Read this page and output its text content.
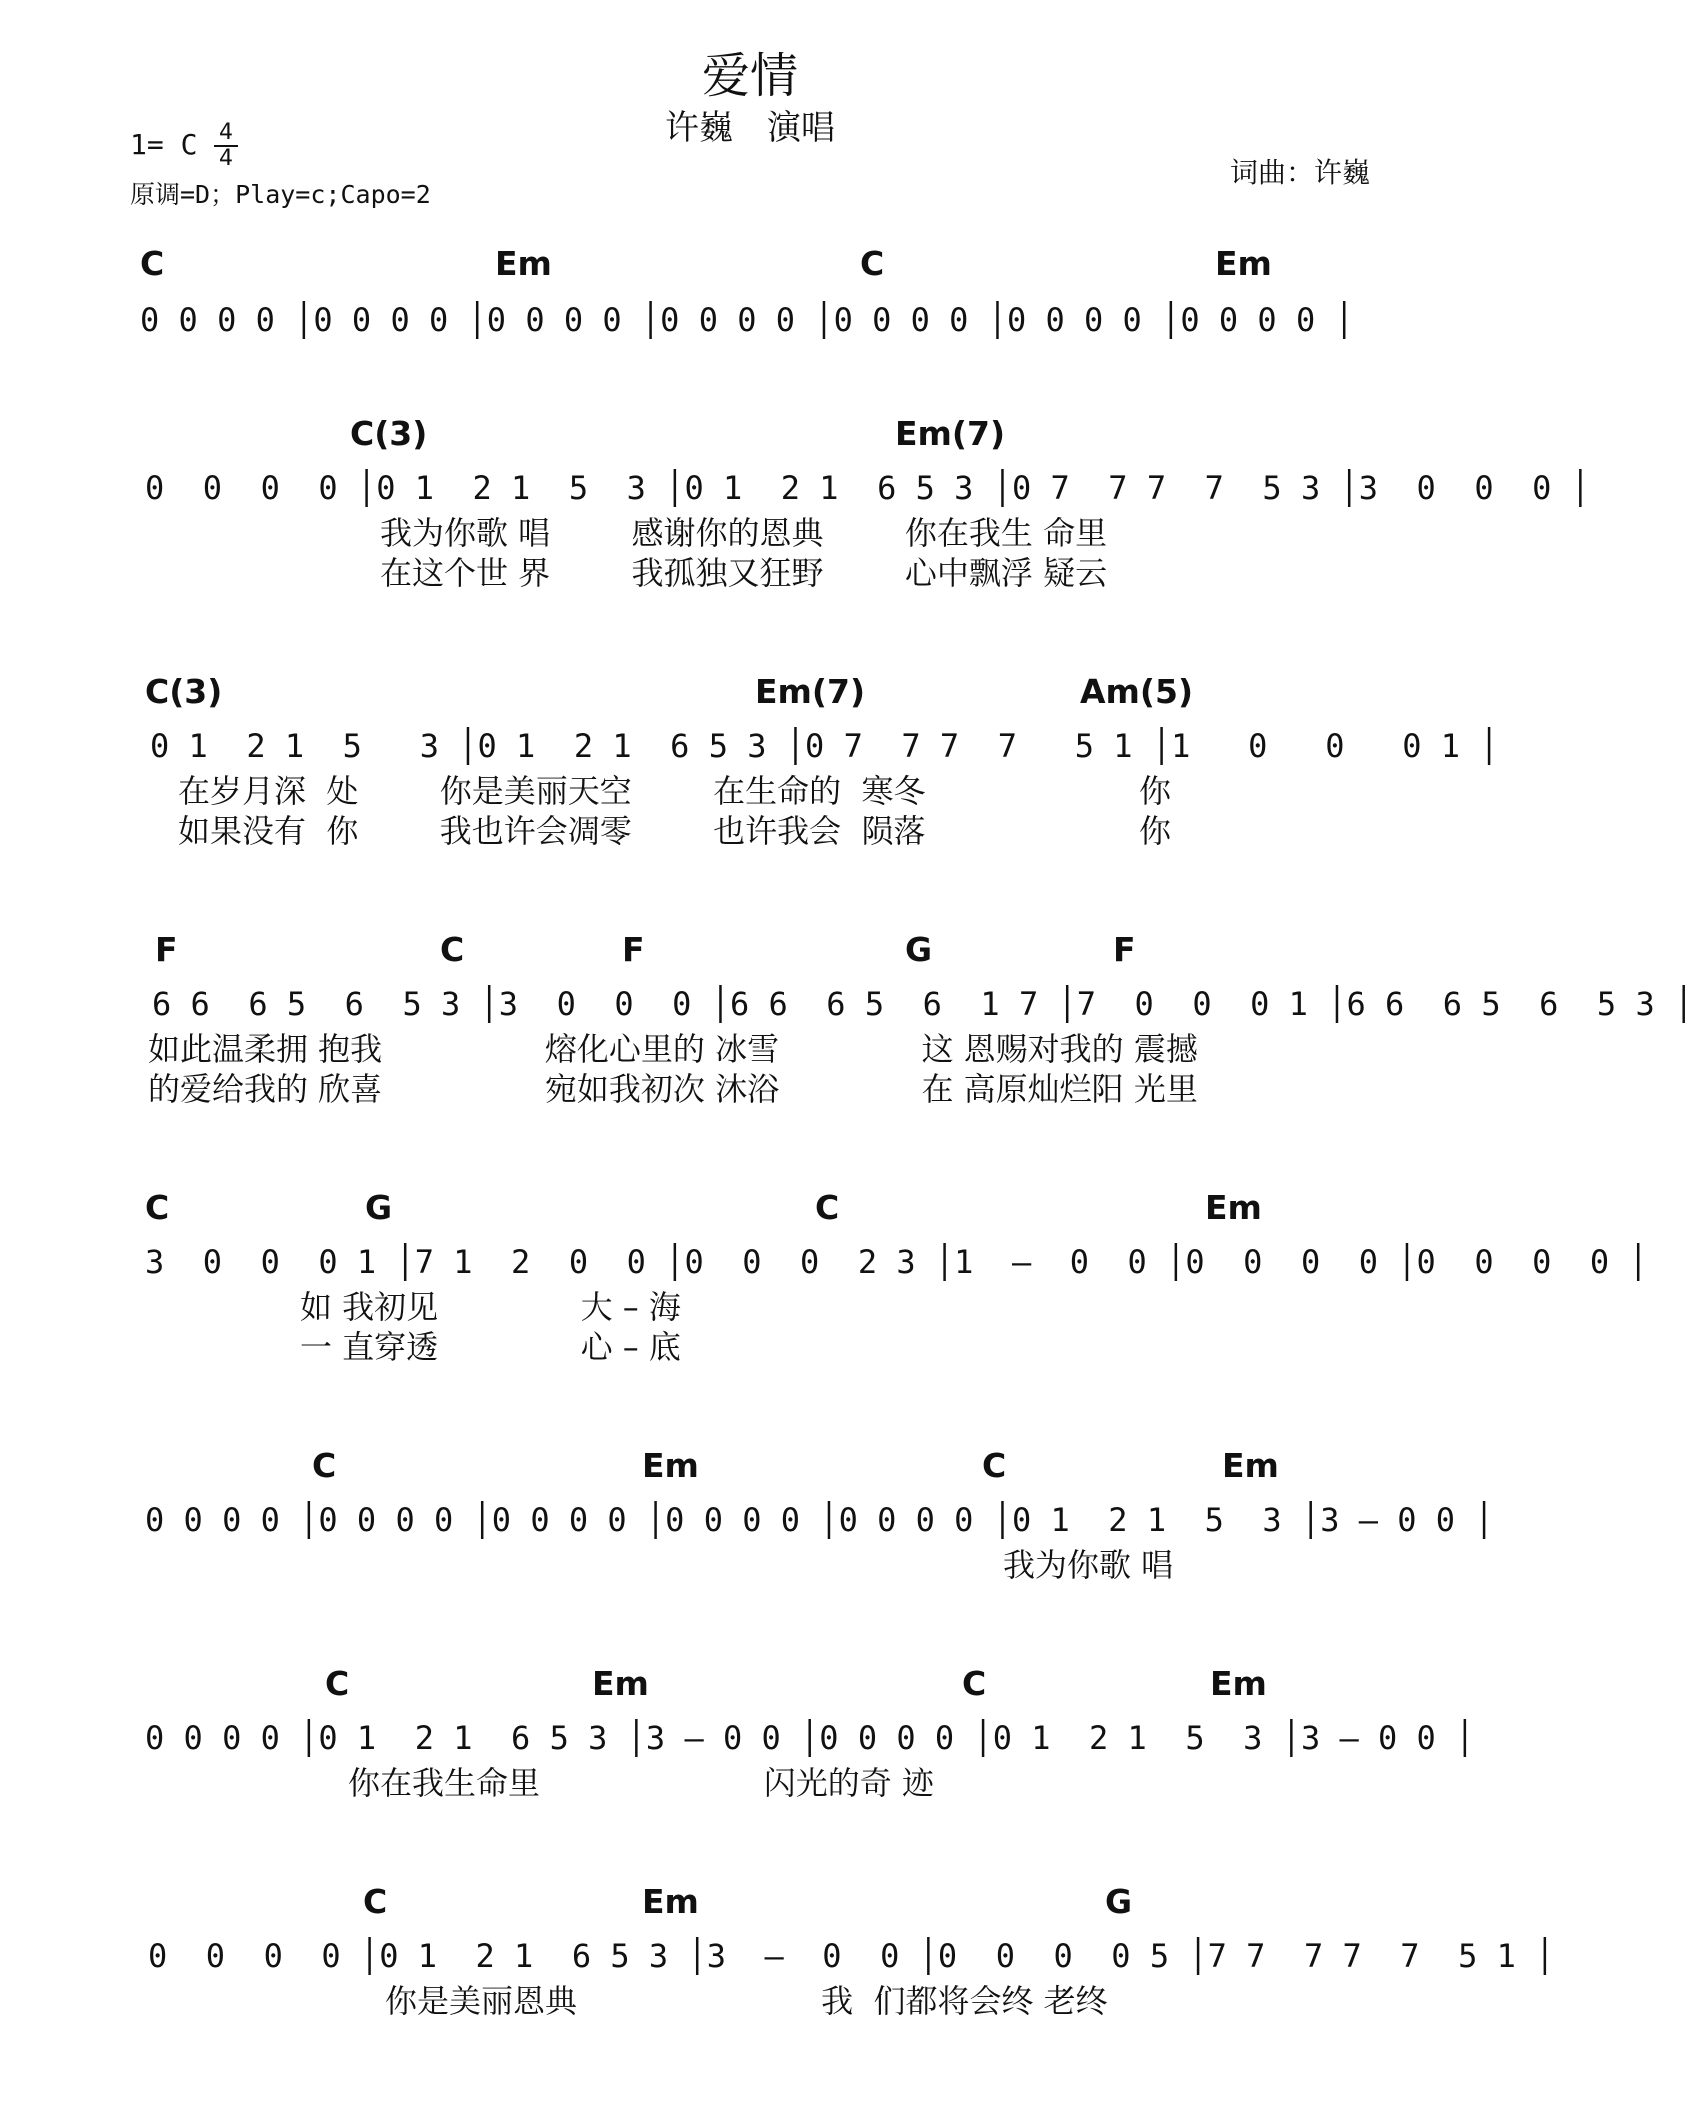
爱情
许巍　演唱
1= C 4
4
原调=D；Play=c;Capo=2
词曲：许巍
C	Em	C	Em
0 0 0 0 │0 0 0 0 │0 0 0 0 │0 0 0 0 │0 0 0 0 │0 0 0 0 │0 0 0 0 │
C(3)	Em(7)
0  0  0  0 │0 1  2 1  5  3 │0 1  2 1  6 5 3 │0 7  7 7  7  5 3 │3  0  0  0 │
我为你歌 唱        感谢你的恩典        你在我生 命里
在这个世 界        我孤独又狂野        心中飘浮 疑云
C(3)	Em(7)	Am(5)
0 1  2 1  5   3 │0 1  2 1  6 5 3 │0 7  7 7  7   5 1 │1   0   0   0 1 │
在岁月深  处        你是美丽天空        在生命的  寒冬                     你
如果没有  你        我也许会凋零        也许我会  陨落                     你
F	C	F	G	F
6 6  6 5  6  5 3 │3  0  0  0 │6 6  6 5  6  1 7 │7  0  0  0 1 │6 6  6 5  6  5 3 │
如此温柔拥 抱我                熔化心里的 冰雪              这 恩赐对我的 震撼
的爱给我的 欣喜                宛如我初次 沐浴              在 高原灿烂阳 光里
C	G	C	Em
3  0  0  0 1 │7 1  2  0  0 │0  0  0  2 3 │1  –  0  0 │0  0  0  0 │0  0  0  0 │
如 我初见              大 – 海
一 直穿透              心 – 底
C	Em	C	Em
0 0 0 0 │0 0 0 0 │0 0 0 0 │0 0 0 0 │0 0 0 0 │0 1  2 1  5  3 │3 – 0 0 │
我为你歌 唱
C	Em	C	Em
0 0 0 0 │0 1  2 1  6 5 3 │3 – 0 0 │0 0 0 0 │0 1  2 1  5  3 │3 – 0 0 │
你在我生命里                      闪光的奇 迹
C	Em	G
0  0  0  0 │0 1  2 1  6 5 3 │3  –  0  0 │0  0  0  0 5 │7 7  7 7  7  5 1 │
你是美丽恩典                        我  们都将会终 老终
